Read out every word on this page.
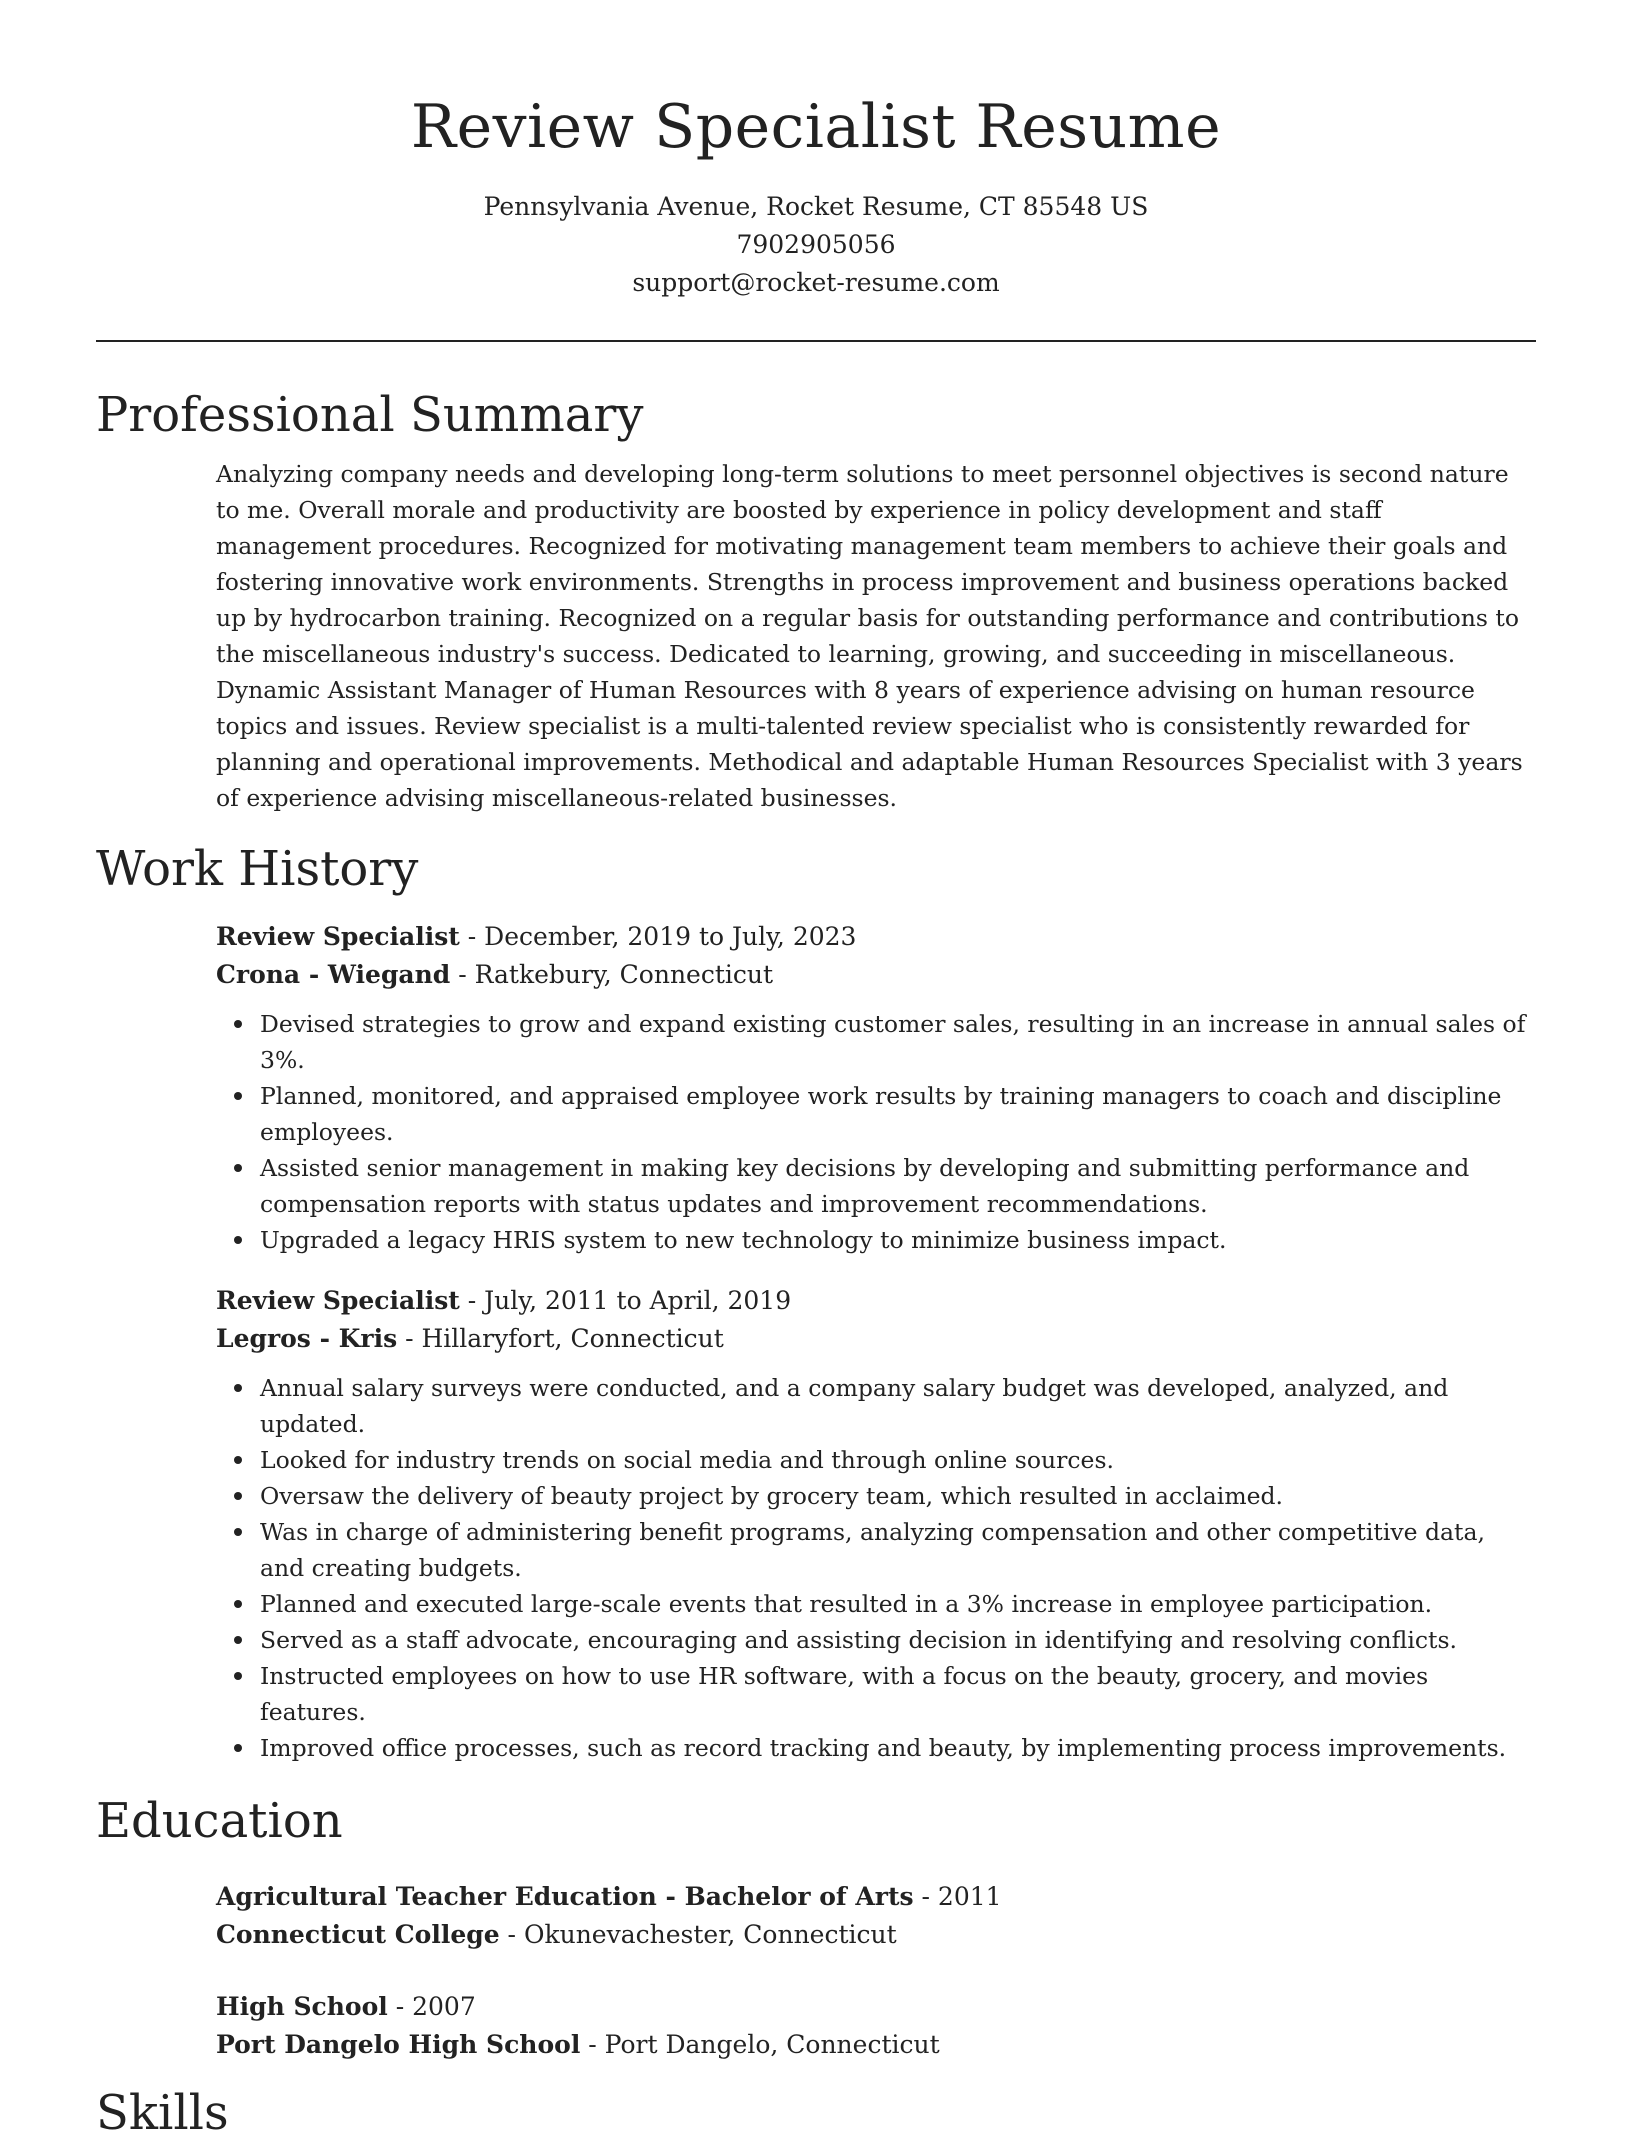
Review Specialist Resume
Pennsylvania Avenue, Rocket Resume, CT 85548 US
7902905056
support@rocket-resume.com
Professional Summary
Analyzing company needs and developing long-term solutions to meet personnel objectives is second nature to me. Overall morale and productivity are boosted by experience in policy development and staff management procedures. Recognized for motivating management team members to achieve their goals and fostering innovative work environments. Strengths in process improvement and business operations backed up by hydrocarbon training. Recognized on a regular basis for outstanding performance and contributions to the miscellaneous industry's success. Dedicated to learning, growing, and succeeding in miscellaneous. Dynamic Assistant Manager of Human Resources with 8 years of experience advising on human resource topics and issues. Review specialist is a multi-talented review specialist who is consistently rewarded for planning and operational improvements. Methodical and adaptable Human Resources Specialist with 3 years of experience advising miscellaneous-related businesses.
Work History
Review Specialist - December, 2019 to July, 2023
Crona - Wiegand - Ratkebury, Connecticut
Devised strategies to grow and expand existing customer sales, resulting in an increase in annual sales of 3%.
Planned, monitored, and appraised employee work results by training managers to coach and discipline employees.
Assisted senior management in making key decisions by developing and submitting performance and compensation reports with status updates and improvement recommendations.
Upgraded a legacy HRIS system to new technology to minimize business impact.
Review Specialist - July, 2011 to April, 2019
Legros - Kris - Hillaryfort, Connecticut
Annual salary surveys were conducted, and a company salary budget was developed, analyzed, and updated.
Looked for industry trends on social media and through online sources.
Oversaw the delivery of beauty project by grocery team, which resulted in acclaimed.
Was in charge of administering benefit programs, analyzing compensation and other competitive data, and creating budgets.
Planned and executed large-scale events that resulted in a 3% increase in employee participation.
Served as a staff advocate, encouraging and assisting decision in identifying and resolving conflicts.
Instructed employees on how to use HR software, with a focus on the beauty, grocery, and movies features.
Improved office processes, such as record tracking and beauty, by implementing process improvements.
Education
Agricultural Teacher Education - Bachelor of Arts - 2011
Connecticut College - Okunevachester, Connecticut
High School - 2007
Port Dangelo High School - Port Dangelo, Connecticut
Skills
